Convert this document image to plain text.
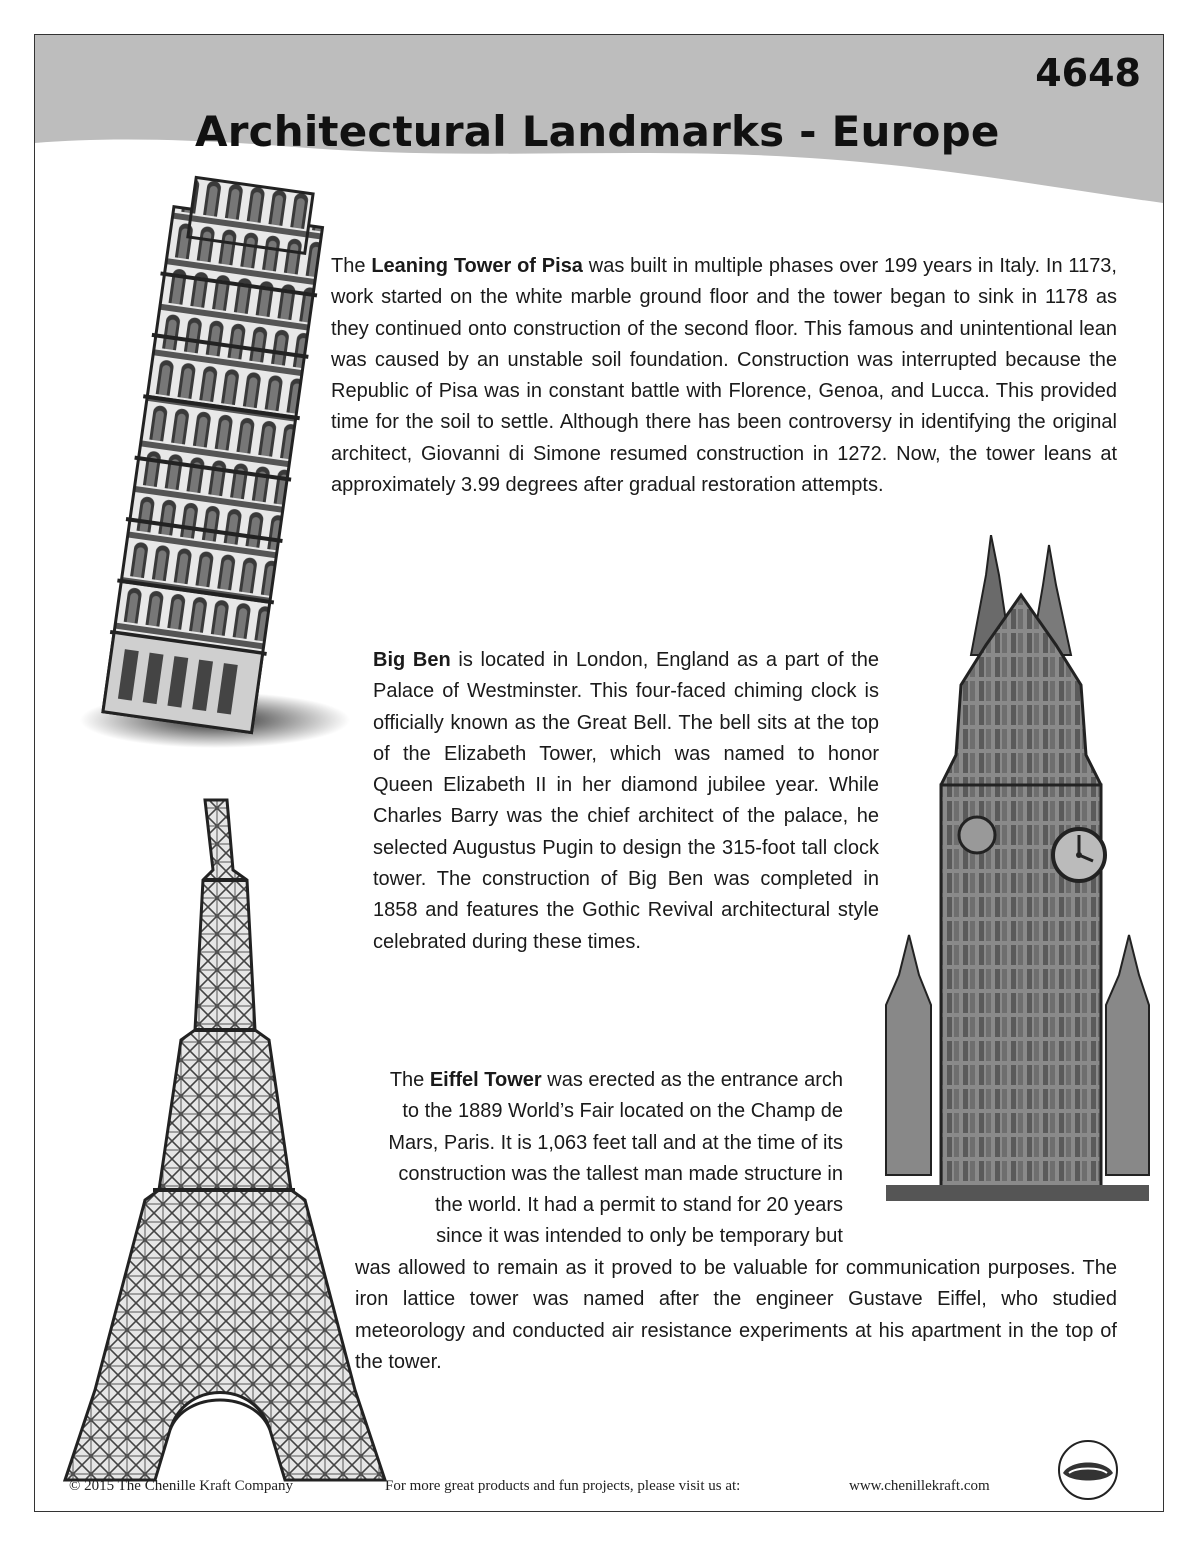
Architectural Landmarks - Europe
4648

The Leaning Tower of Pisa was built in multiple phases over 199 years in Italy. In 1173, work started on the white marble ground floor and the tower began to sink in 1178 as they continued onto construction of the second floor. This famous and unintentional lean was caused by an unstable soil foundation. Construction was interrupted because the Republic of Pisa was in constant battle with Florence, Genoa, and Lucca. This provided time for the soil to settle. Although there has been controversy in identifying the original architect, Giovanni di Simone resumed construction in 1272. Now, the tower leans at approximately 3.99 degrees after gradual restoration attempts.

Big Ben is located in London, England as a part of the Palace of Westminster. This four-faced chiming clock is officially known as the Great Bell. The bell sits at the top of the Elizabeth Tower, which was named to honor Queen Elizabeth II in her diamond jubilee year. While Charles Barry was the chief architect of the palace, he selected Augustus Pugin to design the 315-foot tall clock tower. The construction of Big Ben was completed in 1858 and features the Gothic Revival architectural style celebrated during these times.

The Eiffel Tower was erected as the entrance arch
to the 1889 World’s Fair located on the Champ de
Mars, Paris. It is 1,063 feet tall and at the time of its
construction was the tallest man made structure in
the world. It had a permit to stand for 20 years
since it was intended to only be temporary but

was allowed to remain as it proved to be valuable for communication purposes. The iron lattice tower was named after the engineer Gustave Eiffel, who studied meteorology and conducted air resistance experiments at his apartment in the top of the tower.

© 2015 The Chenille Kraft Company	For more great products and fun projects, please visit us at:	www.chenillekraft.com
